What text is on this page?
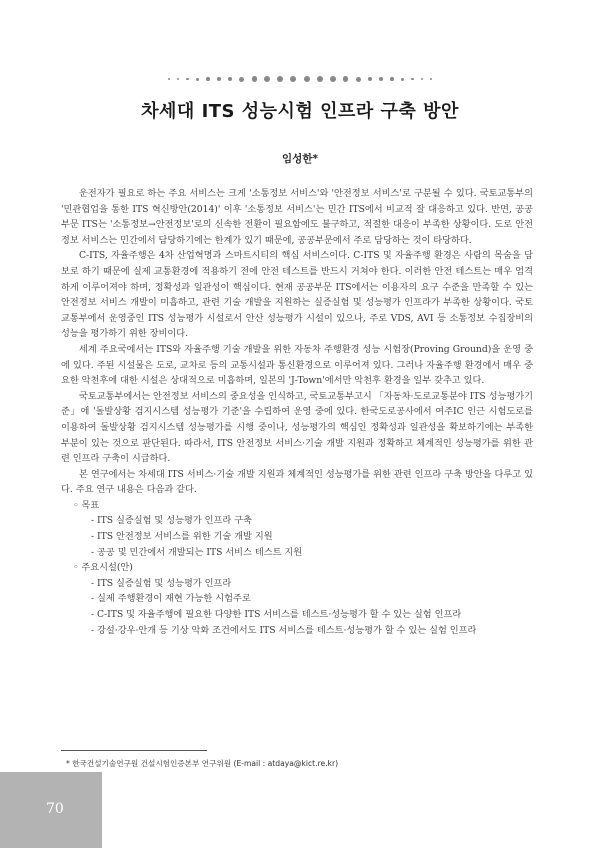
차세대 ITS 성능시험 인프라 구축 방안
임성한*

운전자가 필요로 하는 주요 서비스는 크게 '소통정보 서비스'와 '안전정보 서비스'로 구분될 수 있다. 국토교통부의 '민관협업을 통한 ITS 혁신방안(2014)' 이후 '소통정보 서비스'는 민간 ITS에서 비교적 잘 대응하고 있다. 반면, 공공부문 ITS는 '소통정보→안전정보'로의 신속한 전환이 필요함에도 불구하고, 적절한 대응이 부족한 상황이다. 도로 안전정보 서비스는 민간에서 담당하기에는 한계가 있기 때문에, 공공부문에서 주로 담당하는 것이 타당하다.

C-ITS, 자율주행은 4차 산업혁명과 스마트시티의 핵심 서비스이다. C-ITS 및 자율주행 환경은 사람의 목숨을 담보로 하기 때문에 실제 교통환경에 적용하기 전에 안전 테스트를 반드시 거쳐야 한다. 이러한 안전 테스트는 매우 엄격하게 이루어져야 하며, 정확성과 일관성이 핵심이다. 현재 공공부문 ITS에서는 이용자의 요구 수준을 만족할 수 있는 안전정보 서비스 개발이 미흡하고, 관련 기술 개발을 지원하는 실증실험 및 성능평가 인프라가 부족한 상황이다. 국토교통부에서 운영중인 ITS 성능평가 시설로서 안산 성능평가 시설이 있으나, 주로 VDS, AVI 등 소통정보 수집장비의 성능을 평가하기 위한 장비이다.

세계 주요국에서는 ITS와 자율주행 기술 개발을 위한 자동차 주행환경 성능 시험장(Proving Ground)을 운영 중에 있다. 주된 시설물은 도로, 교차로 등의 교통시설과 통신환경으로 이루어져 있다. 그러나 자율주행 환경에서 매우 중요한 악천후에 대한 시설은 상대적으로 미흡하며, 일본의 'J-Town'에서만 악천후 환경을 일부 갖추고 있다.

국토교통부에서는 안전정보 서비스의 중요성을 인식하고, 국토교통부고시 「자동차·도로교통분야 ITS 성능평가기준」에 '돌발상황 검지시스템 성능평가 기준'을 수립하여 운영 중에 있다. 한국도로공사에서 여주IC 인근 시험도로를 이용하여 돌발상황 검지시스템 성능평가를 시행 중이나, 성능평가의 핵심인 정확성과 일관성을 확보하기에는 부족한 부분이 있는 것으로 판단된다. 따라서, ITS 안전정보 서비스·기술 개발 지원과 정확하고 체계적인 성능평가를 위한 관련 인프라 구축이 시급하다.

본 연구에서는 차세대 ITS 서비스·기술 개발 지원과 체계적인 성능평가를 위한 관련 인프라 구축 방안을 다루고 있다. 주요 연구 내용은 다음과 같다.

◦ 목표
- ITS 실증실험 및 성능평가 인프라 구축
- ITS 안전정보 서비스를 위한 기술 개발 지원
- 공공 및 민간에서 개발되는 ITS 서비스 테스트 지원
◦ 주요시설(안)
- ITS 실증실험 및 성능평가 인프라
- 실제 주행환경이 재현 가능한 시험주로
- C-ITS 및 자율주행에 필요한 다양한 ITS 서비스를 테스트·성능평가 할 수 있는 실험 인프라
- 강설·강우·안개 등 기상 악화 조건에서도 ITS 서비스를 테스트·성능평가 할 수 있는 실험 인프라
* 한국건설기술연구원 건설시험인증본부 연구위원 (E-mail : atdaya@kict.re.kr)
70
